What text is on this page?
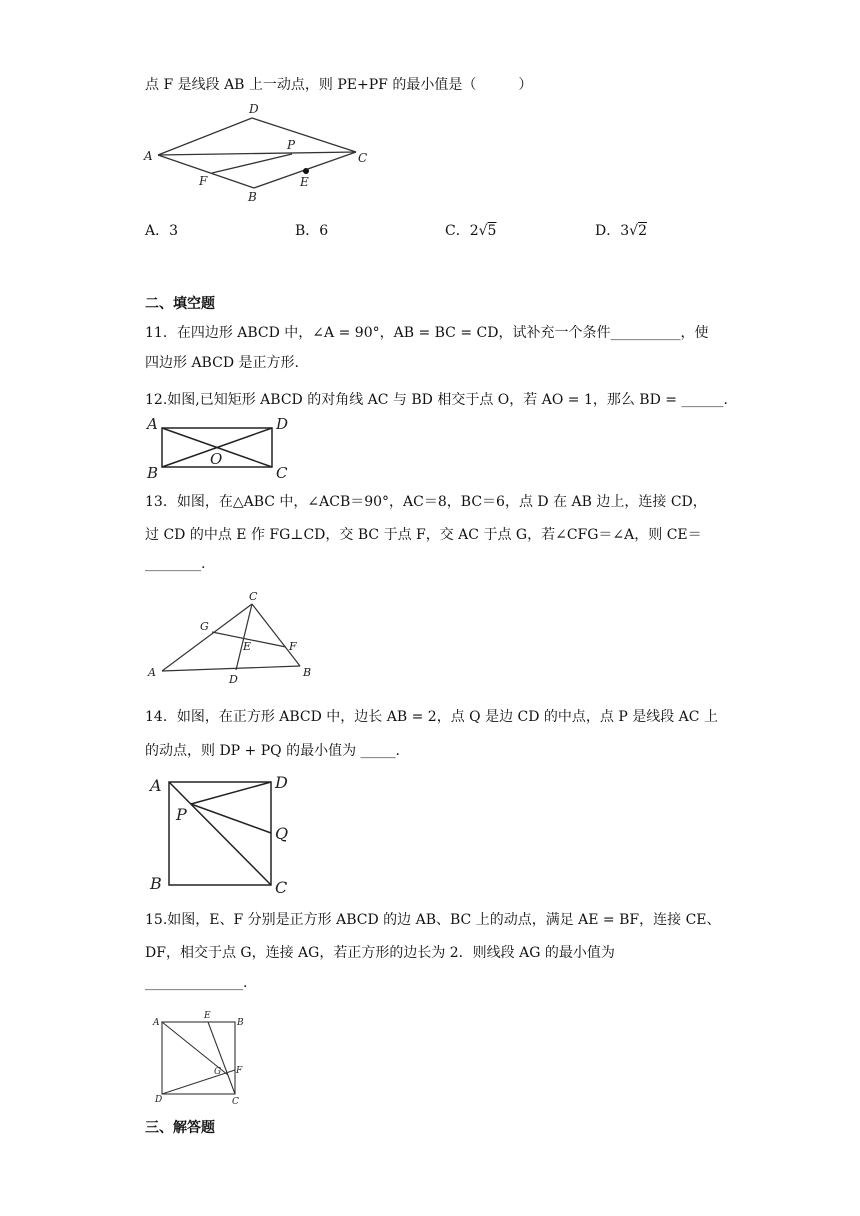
点 F 是线段 AB 上一动点，则 PE+PF 的最小值是（　　　）
A
D
C
B
P
E
F
A．3	B．6	C．2√5	D．3√2
二、填空题
11．在四边形 ABCD 中，∠A = 90°，AB = BC = CD，试补充一个条件__________，使
四边形 ABCD 是正方形.
12.如图,已知矩形 ABCD 的对角线 AC 与 BD 相交于点 O，若 AO = 1，那么 BD = ______.
A	D
B	C
O
13．如图，在△ABC 中，∠ACB＝90°，AC＝8，BC＝6，点 D 在 AB 边上，连接 CD，
过 CD 的中点 E 作 FG⊥CD，交 BC 于点 F，交 AC 于点 G，若∠CFG＝∠A，则 CE＝
________.
C
G
E	F
A	B
D
14．如图，在正方形 ABCD 中，边长 AB = 2，点 Q 是边 CD 的中点，点 P 是线段 AC 上
的动点，则 DP + PQ 的最小值为 _____.
A	D
P
Q
B	C
15.如图，E、F 分别是正方形 ABCD 的边 AB、BC 上的动点，满足 AE = BF，连接 CE、
DF，相交于点 G，连接 AG，若正方形的边长为 2．则线段 AG 的最小值为
______________.
A
E
B
F
G
D	C
三、解答题
